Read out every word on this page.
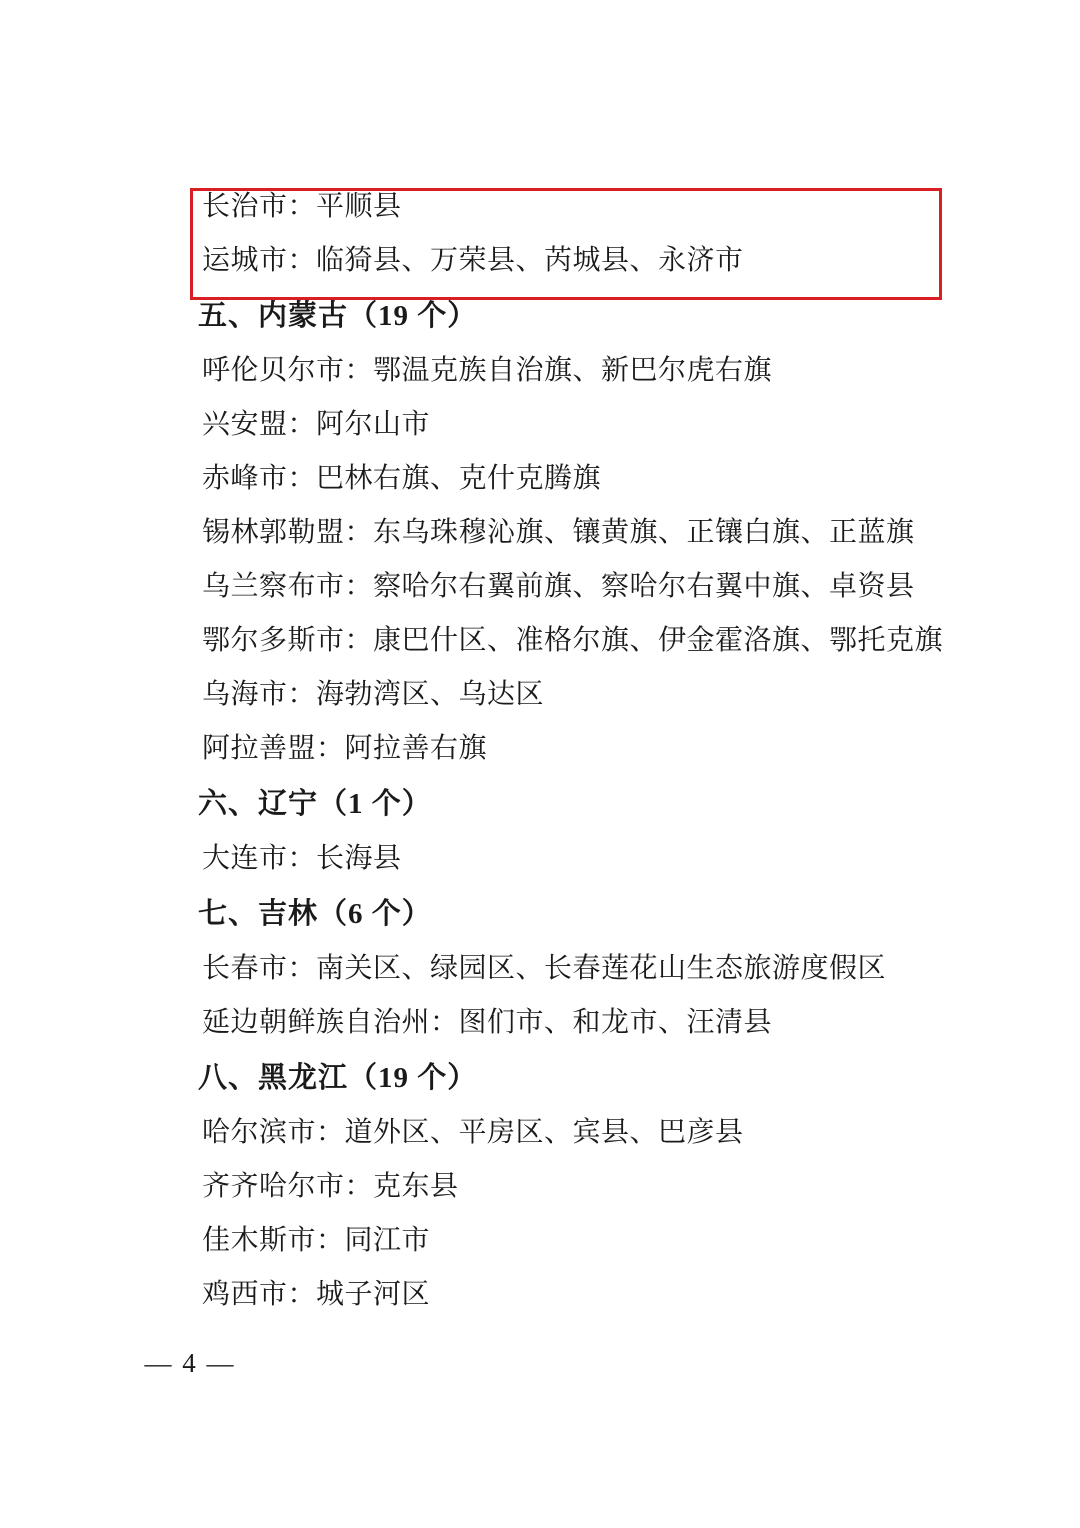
长治市：平顺县
运城市：临猗县、万荣县、芮城县、永济市
五、内蒙古（19 个）
呼伦贝尔市：鄂温克族自治旗、新巴尔虎右旗
兴安盟：阿尔山市
赤峰市：巴林右旗、克什克腾旗
锡林郭勒盟：东乌珠穆沁旗、镶黄旗、正镶白旗、正蓝旗
乌兰察布市：察哈尔右翼前旗、察哈尔右翼中旗、卓资县
鄂尔多斯市：康巴什区、准格尔旗、伊金霍洛旗、鄂托克旗
乌海市：海勃湾区、乌达区
阿拉善盟：阿拉善右旗
六、辽宁（1 个）
大连市：长海县
七、吉林（6 个）
长春市：南关区、绿园区、长春莲花山生态旅游度假区
延边朝鲜族自治州：图们市、和龙市、汪清县
八、黑龙江（19 个）
哈尔滨市：道外区、平房区、宾县、巴彦县
齐齐哈尔市：克东县
佳木斯市：同江市
鸡西市：城子河区
— 4 —
